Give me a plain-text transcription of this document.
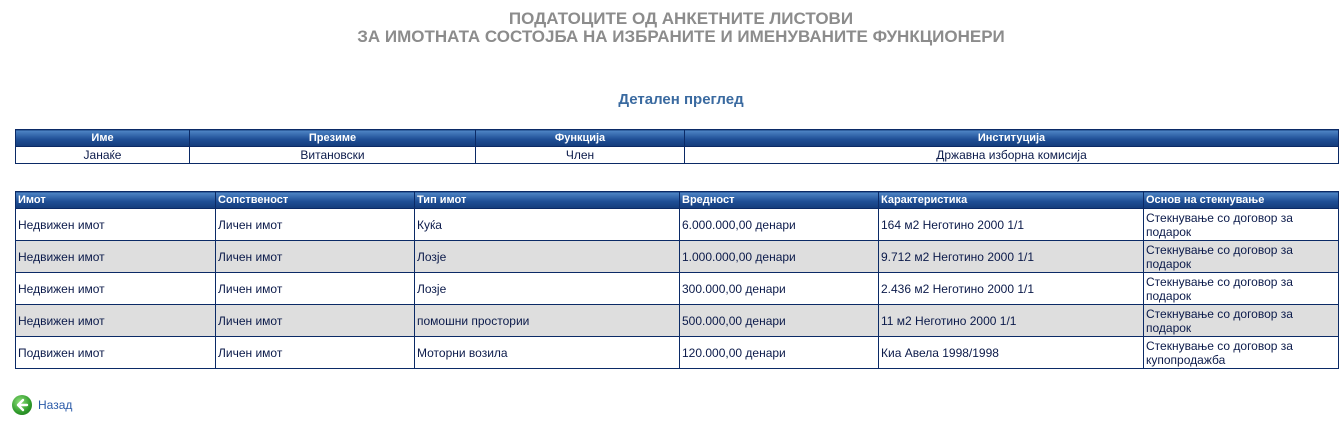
ПОДАТОЦИТЕ ОД АНКЕТНИТЕ ЛИСТОВИ
ЗА ИМОТНАТА СОСТОЈБА НА ИЗБРАНИТЕ И ИМЕНУВАНИТЕ ФУНКЦИОНЕРИ
Детален преглед
Име	Презиме	Функција	Институција
Јанаќе	Витановски	Член	Државна изборна комисија
Имот	Сопственост	Тип имот	Вредност	Карактеристика	Основ на стекнување
Недвижен имот	Личен имот	Куќа	6.000.000,00 денари	164 м2 Неготино 2000 1/1	Стекнување со договор за подарок
Недвижен имот	Личен имот	Лозје	1.000.000,00 денари	9.712 м2 Неготино 2000 1/1	Стекнување со договор за подарок
Недвижен имот	Личен имот	Лозје	300.000,00 денари	2.436 м2 Неготино 2000 1/1	Стекнување со договор за подарок
Недвижен имот	Личен имот	помошни простории	500.000,00 денари	11 м2 Неготино 2000 1/1	Стекнување со договор за подарок
Подвижен имот	Личен имот	Моторни возила	120.000,00 денари	Киа Авела 1998/1998	Стекнување со договор за купопродажба
Назад
